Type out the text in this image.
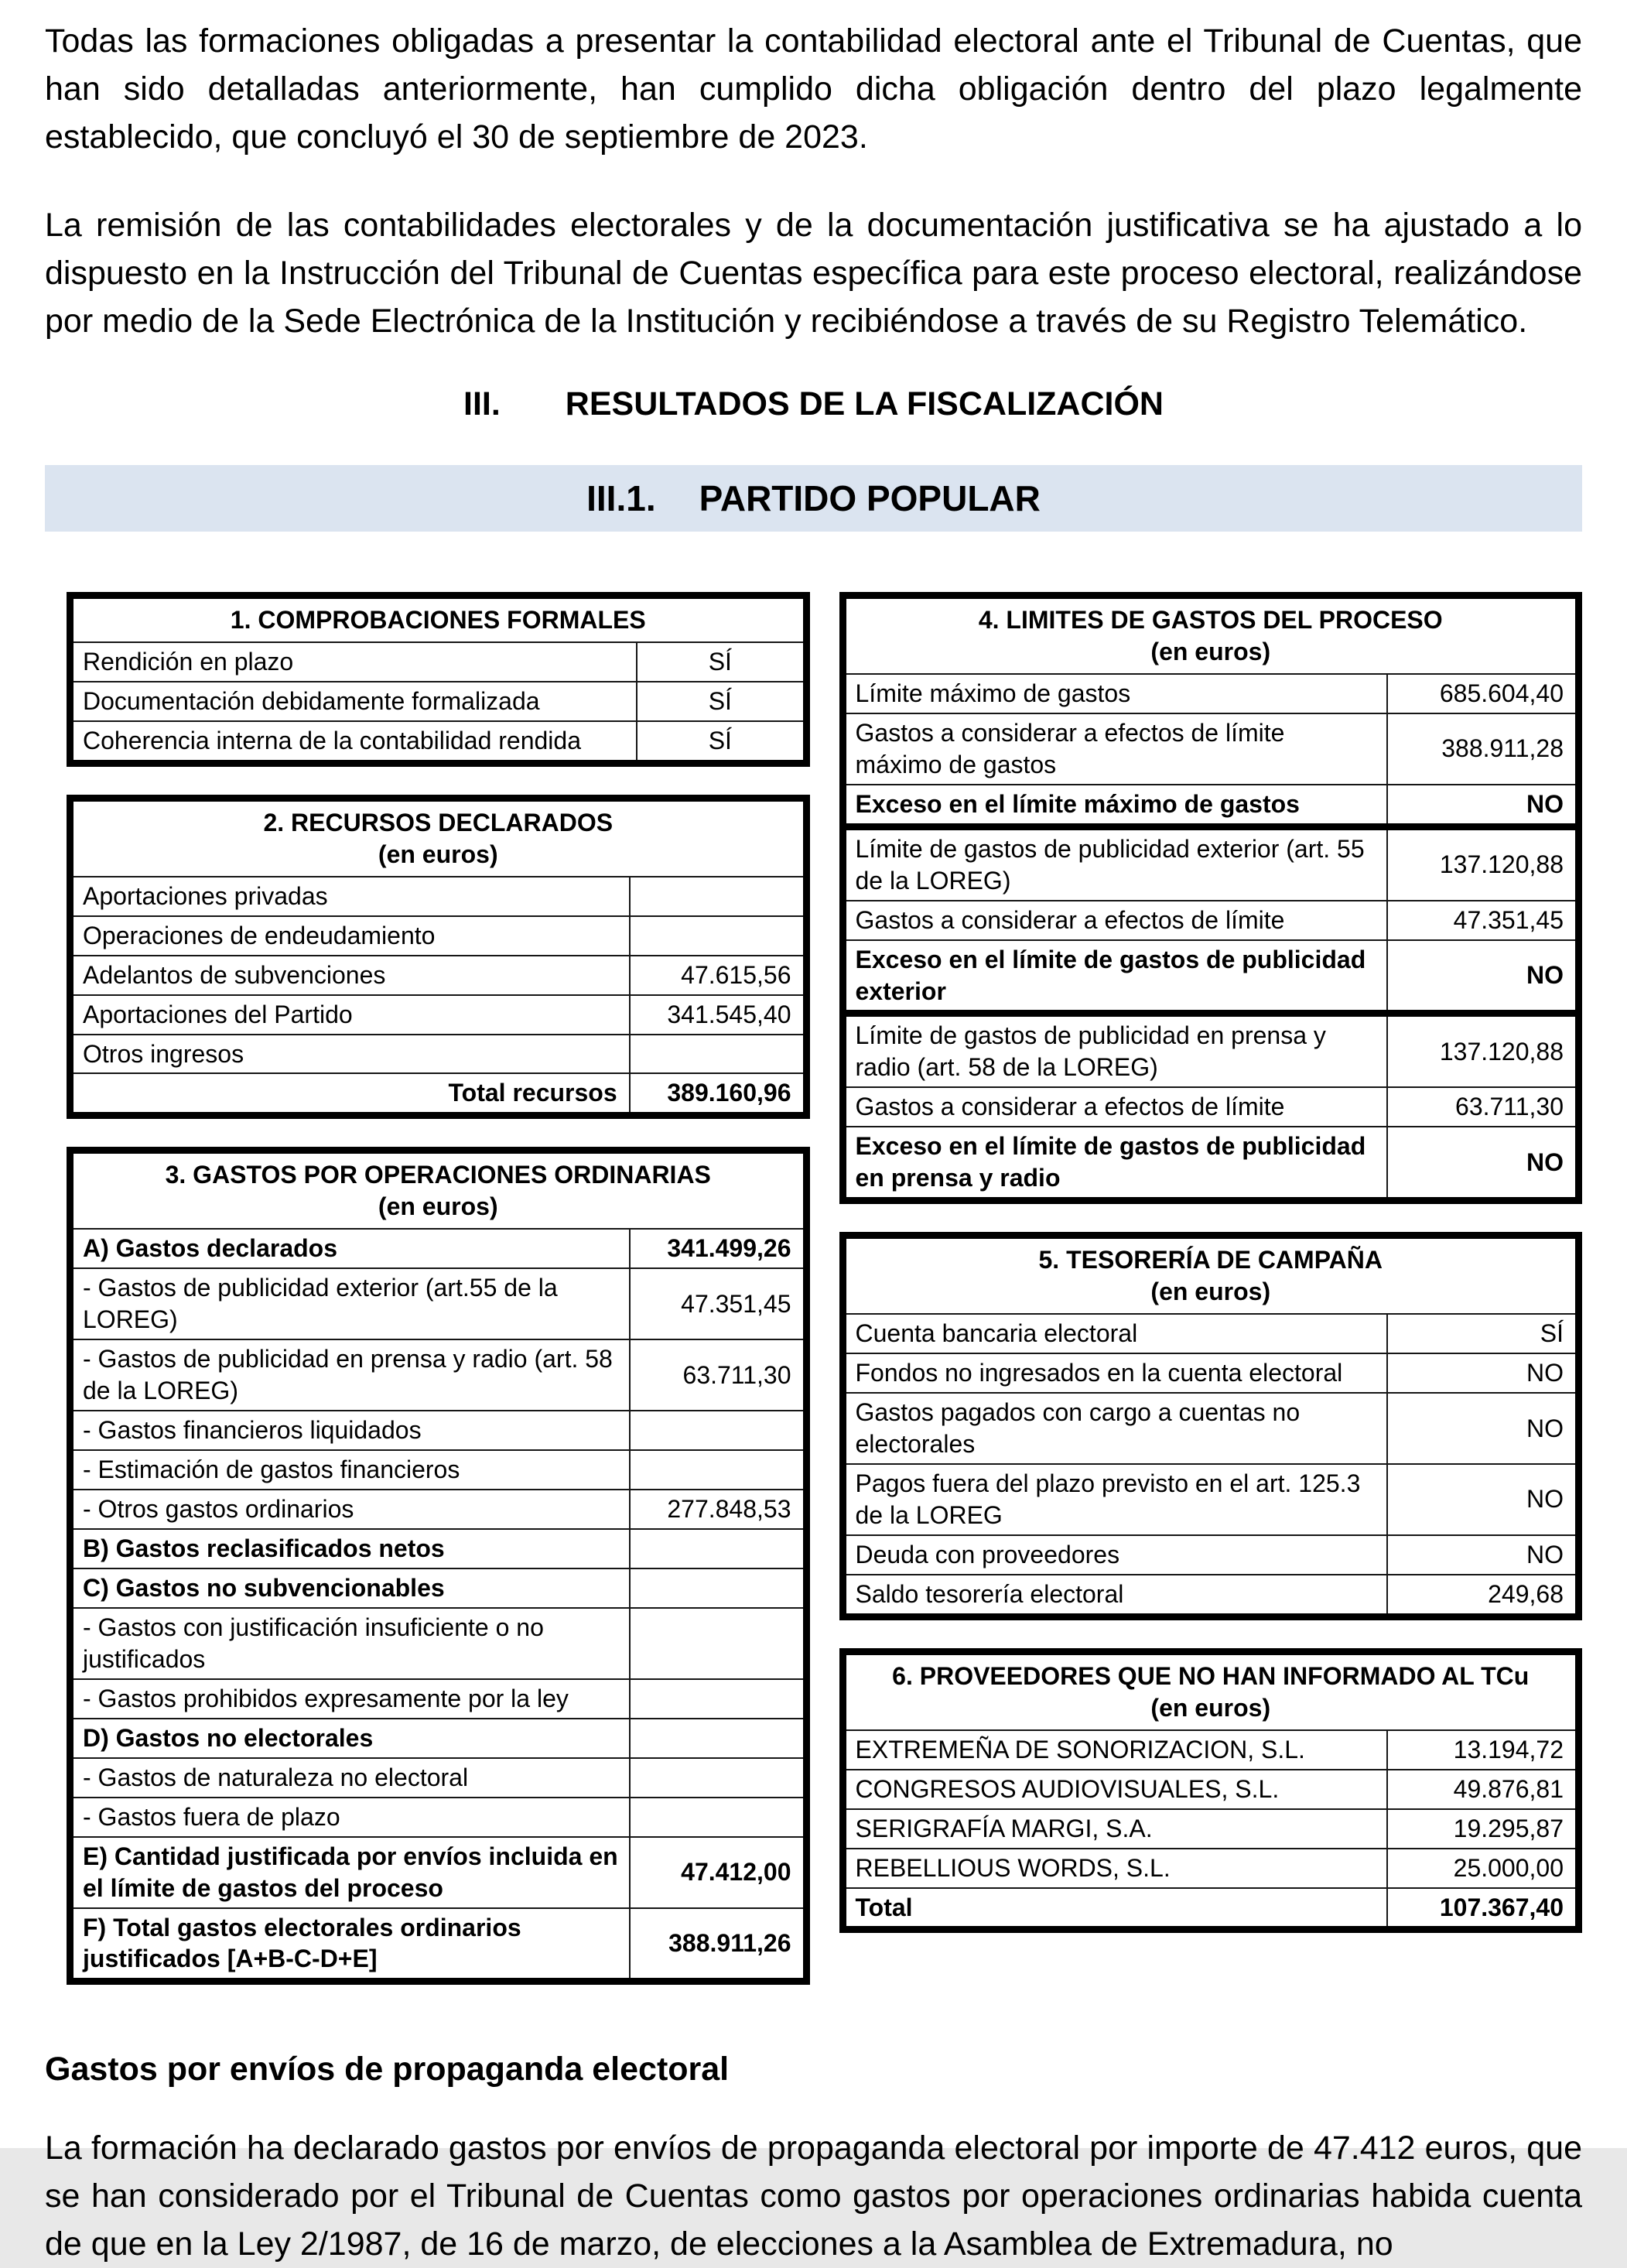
Todas las formaciones obligadas a presentar la contabilidad electoral ante el Tribunal de Cuentas, que han sido detalladas anteriormente, han cumplido dicha obligación dentro del plazo legalmente establecido, que concluyó el 30 de septiembre de 2023.

La remisión de las contabilidades electorales y de la documentación justificativa se ha ajustado a lo dispuesto en la Instrucción del Tribunal de Cuentas específica para este proceso electoral, realizándose por medio de la Sede Electrónica de la Institución y recibiéndose a través de su Registro Telemático.

III. RESULTADOS DE LA FISCALIZACIÓN
III.1. PARTIDO POPULAR
1. COMPROBACIONES FORMALES	

Rendición en plazo	SÍ
Documentación debidamente formalizada	SÍ
Coherencia interna de la contabilidad rendida	SÍ
2. RECURSOS DECLARADOS
(en euros)	

Aportaciones privadas	
Operaciones de endeudamiento	
Adelantos de subvenciones	47.615,56
Aportaciones del Partido	341.545,40
Otros ingresos	
Total recursos	389.160,96
3. GASTOS POR OPERACIONES ORDINARIAS
(en euros)	

A) Gastos declarados	341.499,26
- Gastos de publicidad exterior (art.55 de la LOREG)	47.351,45
- Gastos de publicidad en prensa y radio (art. 58 de la LOREG)	63.711,30
- Gastos financieros liquidados	
- Estimación de gastos financieros	
- Otros gastos ordinarios	277.848,53
B) Gastos reclasificados netos	
C) Gastos no subvencionables	
- Gastos con justificación insuficiente o no justificados	
- Gastos prohibidos expresamente por la ley	
D) Gastos no electorales	
- Gastos de naturaleza no electoral	
- Gastos fuera de plazo	
E) Cantidad justificada por envíos incluida en el límite de gastos del proceso	47.412,00
F) Total gastos electorales ordinarios justificados [A+B-C-D+E]	388.911,26
4. LIMITES DE GASTOS DEL PROCESO
(en euros)	

Límite máximo de gastos	685.604,40
Gastos a considerar a efectos de límite máximo de gastos	388.911,28
Exceso en el límite máximo de gastos	NO
Límite de gastos de publicidad exterior (art. 55 de la LOREG)	137.120,88
Gastos a considerar a efectos de límite	47.351,45
Exceso en el límite de gastos de publicidad exterior	NO
Límite de gastos de publicidad en prensa y radio (art. 58 de la LOREG)	137.120,88
Gastos a considerar a efectos de límite	63.711,30
Exceso en el límite de gastos de publicidad en prensa y radio	NO
5. TESORERÍA DE CAMPAÑA
(en euros)	

Cuenta bancaria electoral	SÍ
Fondos no ingresados en la cuenta electoral	NO
Gastos pagados con cargo a cuentas no electorales	NO
Pagos fuera del plazo previsto en el art. 125.3 de la LOREG	NO
Deuda con proveedores	NO
Saldo tesorería electoral	249,68
6. PROVEEDORES QUE NO HAN INFORMADO AL TCu
(en euros)	

EXTREMEÑA DE SONORIZACION, S.L.	13.194,72
CONGRESOS AUDIOVISUALES, S.L.	49.876,81
SERIGRAFÍA MARGI, S.A.	19.295,87
REBELLIOUS WORDS, S.L.	25.000,00
Total	107.367,40
Gastos por envíos de propaganda electoral

La formación ha declarado gastos por envíos de propaganda electoral por importe de 47.412 euros, que se han considerado por el Tribunal de Cuentas como gastos por operaciones ordinarias habida cuenta de que en la Ley 2/1987, de 16 de marzo, de elecciones a la Asamblea de Extremadura, no
